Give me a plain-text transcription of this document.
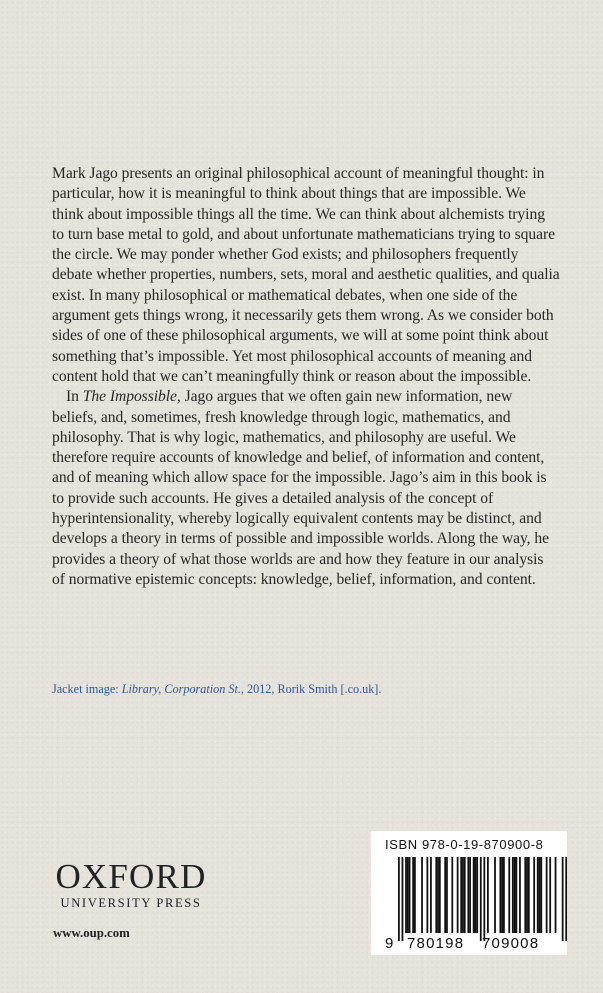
Mark Jago presents an original philosophical account of meaningful thought: in particular, how it is meaningful to think about things that are impossible. We think about impossible things all the time. We can think about alchemists trying to turn base metal to gold, and about unfortunate mathematicians trying to square the circle. We may ponder whether God exists; and philosophers frequently debate whether properties, numbers, sets, moral and aesthetic qualities, and qualia exist. In many philosophical or mathematical debates, when one side of the argument gets things wrong, it necessarily gets them wrong. As we consider both sides of one of these philosophical arguments, we will at some point think about something that’s impossible. Yet most philosophical accounts of meaning and content hold that we can’t meaningfully think or reason about the impossible.

In The Impossible, Jago argues that we often gain new information, new beliefs, and, sometimes, fresh knowledge through logic, mathematics, and philosophy. That is why logic, mathematics, and philosophy are useful. We therefore require accounts of knowledge and belief, of information and content, and of meaning which allow space for the impossible. Jago’s aim in this book is to provide such accounts. He gives a detailed analysis of the concept of hyperintensionality, whereby logically equivalent contents may be distinct, and develops a theory in terms of possible and impossible worlds. Along the way, he provides a theory of what those worlds are and how they feature in our analysis of normative epistemic concepts: knowledge, belief, information, and content.

Jacket image: Library, Corporation St., 2012, Rorik Smith [.co.uk].
OXFORD
UNIVERSITY PRESS
www.oup.com
ISBN 978-0-19-870900-8
9 780198 709008
